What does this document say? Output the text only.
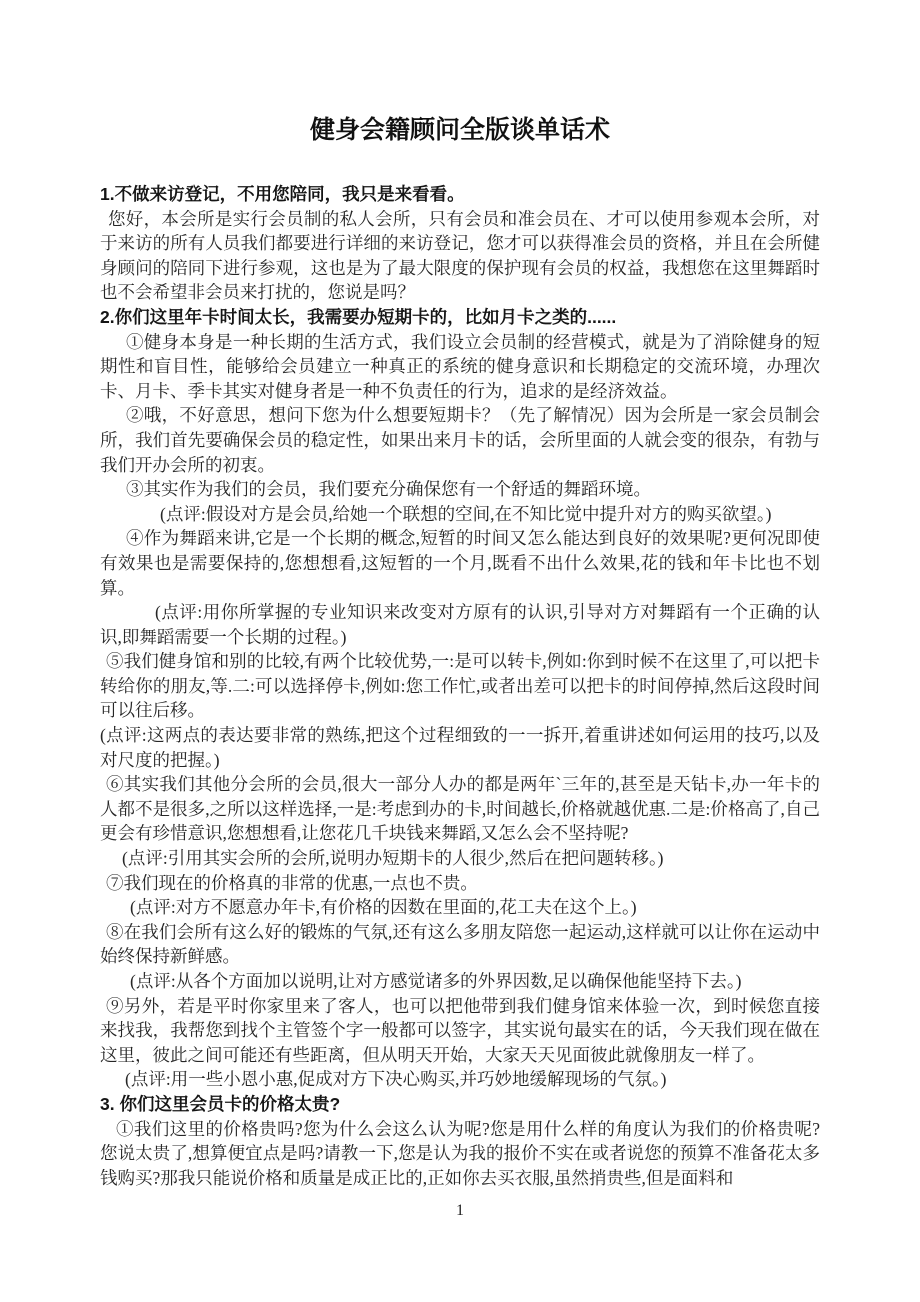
健身会籍顾问全版谈单话术

1.不做来访登记，不用您陪同，我只是来看看。

您好，本会所是实行会员制的私人会所，只有会员和准会员在、才可以使用参观本会所，对于来访的所有人员我们都要进行详细的来访登记，您才可以获得准会员的资格，并且在会所健身顾问的陪同下进行参观，这也是为了最大限度的保护现有会员的权益，我想您在这里舞蹈时也不会希望非会员来打扰的，您说是吗？

2.你们这里年卡时间太长，我需要办短期卡的，比如月卡之类的......

①健身本身是一种长期的生活方式，我们设立会员制的经营模式，就是为了消除健身的短期性和盲目性，能够给会员建立一种真正的系统的健身意识和长期稳定的交流环境，办理次卡、月卡、季卡其实对健身者是一种不负责任的行为，追求的是经济效益。

②哦，不好意思，想问下您为什么想要短期卡？（先了解情况）因为会所是一家会员制会所，我们首先要确保会员的稳定性，如果出来月卡的话，会所里面的人就会变的很杂，有勃与我们开办会所的初衷。

③其实作为我们的会员，我们要充分确保您有一个舒适的舞蹈环境。

(点评:假设对方是会员,给她一个联想的空间,在不知比觉中提升对方的购买欲望。)

④作为舞蹈来讲,它是一个长期的概念,短暂的时间又怎么能达到良好的效果呢?更何况即使有效果也是需要保持的,您想想看,这短暂的一个月,既看不出什么效果,花的钱和年卡比也不划算。

(点评:用你所掌握的专业知识来改变对方原有的认识,引导对方对舞蹈有一个正确的认识,即舞蹈需要一个长期的过程。)

⑤我们健身馆和别的比较,有两个比较优势,一:是可以转卡,例如:你到时候不在这里了,可以把卡转给你的朋友,等.二:可以选择停卡,例如:您工作忙,或者出差可以把卡的时间停掉,然后这段时间可以往后移。

(点评:这两点的表达要非常的熟练,把这个过程细致的一一拆开,着重讲述如何运用的技巧,以及对尺度的把握。)

⑥其实我们其他分会所的会员,很大一部分人办的都是两年`三年的,甚至是天钻卡,办一年卡的人都不是很多,之所以这样选择,一是:考虑到办的卡,时间越长,价格就越优惠.二是:价格高了,自己更会有珍惜意识,您想想看,让您花几千块钱来舞蹈,又怎么会不坚持呢?

(点评:引用其实会所的会所,说明办短期卡的人很少,然后在把问题转移。)

⑦我们现在的价格真的非常的优惠,一点也不贵。

(点评:对方不愿意办年卡,有价格的因数在里面的,花工夫在这个上。)

⑧在我们会所有这么好的锻炼的气氛,还有这么多朋友陪您一起运动,这样就可以让你在运动中始终保持新鲜感。

(点评:从各个方面加以说明,让对方感觉诸多的外界因数,足以确保他能坚持下去。)

⑨另外，若是平时你家里来了客人，也可以把他带到我们健身馆来体验一次，到时候您直接来找我，我帮您到找个主管签个字一般都可以签字，其实说句最实在的话，今天我们现在做在这里，彼此之间可能还有些距离，但从明天开始，大家天天见面彼此就像朋友一样了。

(点评:用一些小恩小惠,促成对方下决心购买,并巧妙地缓解现场的气氛。)

3. 你们这里会员卡的价格太贵?

①我们这里的价格贵吗?您为什么会这么认为呢?您是用什么样的角度认为我们的价格贵呢?您说太贵了,想算便宜点是吗?请教一下,您是认为我的报价不实在或者说您的预算不准备花太多钱购买?那我只能说价格和质量是成正比的,正如你去买衣服,虽然捎贵些,但是面料和

1
